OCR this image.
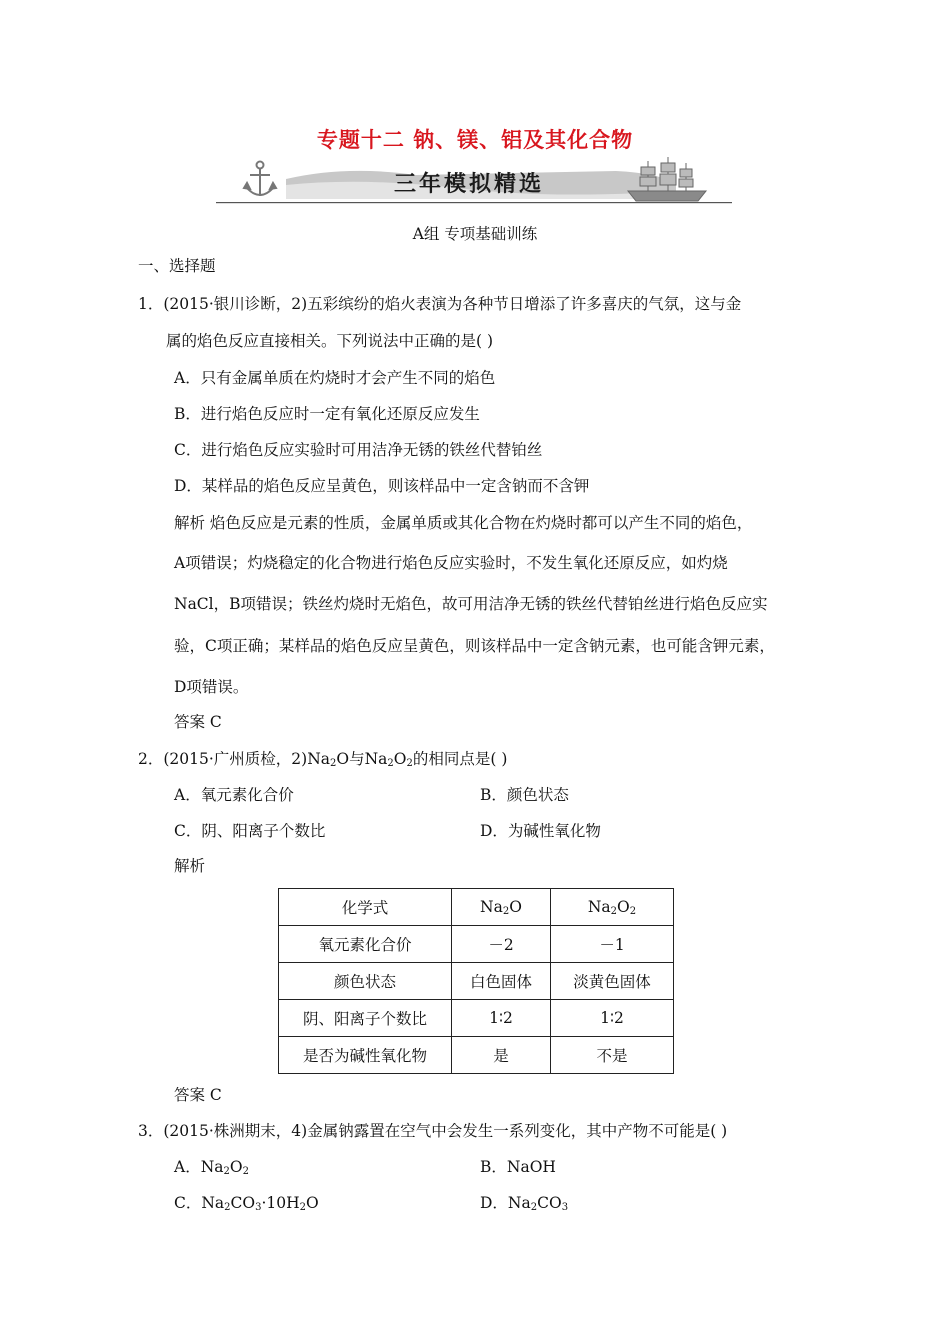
专题十二 钠、镁、铝及其化合物
三年模拟精选
A组 专项基础训练
一、选择题
1．(2015·银川诊断，2)五彩缤纷的焰火表演为各种节日增添了许多喜庆的气氛，这与金
属的焰色反应直接相关。下列说法中正确的是( )
A．只有金属单质在灼烧时才会产生不同的焰色
B．进行焰色反应时一定有氧化还原反应发生
C．进行焰色反应实验时可用洁净无锈的铁丝代替铂丝
D．某样品的焰色反应呈黄色，则该样品中一定含钠而不含钾
解析 焰色反应是元素的性质，金属单质或其化合物在灼烧时都可以产生不同的焰色，
A项错误；灼烧稳定的化合物进行焰色反应实验时，不发生氧化还原反应，如灼烧
NaCl，B项错误；铁丝灼烧时无焰色，故可用洁净无锈的铁丝代替铂丝进行焰色反应实
验，C项正确；某样品的焰色反应呈黄色，则该样品中一定含钠元素，也可能含钾元素，
D项错误。
答案 C
2．(2015·广州质检，$2)Na_2O$与$Na_2O_2$的相同点是( )
A．氧元素化合价	B．颜色状态
C．阴、阳离子个数比	D．为碱性氧化物
解析
化学式	$Na_2O$	$Na_2O_2$
氧元素化合价	－2	－1
颜色状态	白色固体	淡黄色固体
阴、阳离子个数比	1∶2	1∶2
是否为碱性氧化物	是	不是
答案 C
3．(2015·株洲期末，4)金属钠露置在空气中会发生一系列变化，其中产物不可能是( )
A．$Na_2O_2$	B．NaOH
C．$Na_2CO_3\cdot 10H_2O$	D．$Na_2CO_3$
